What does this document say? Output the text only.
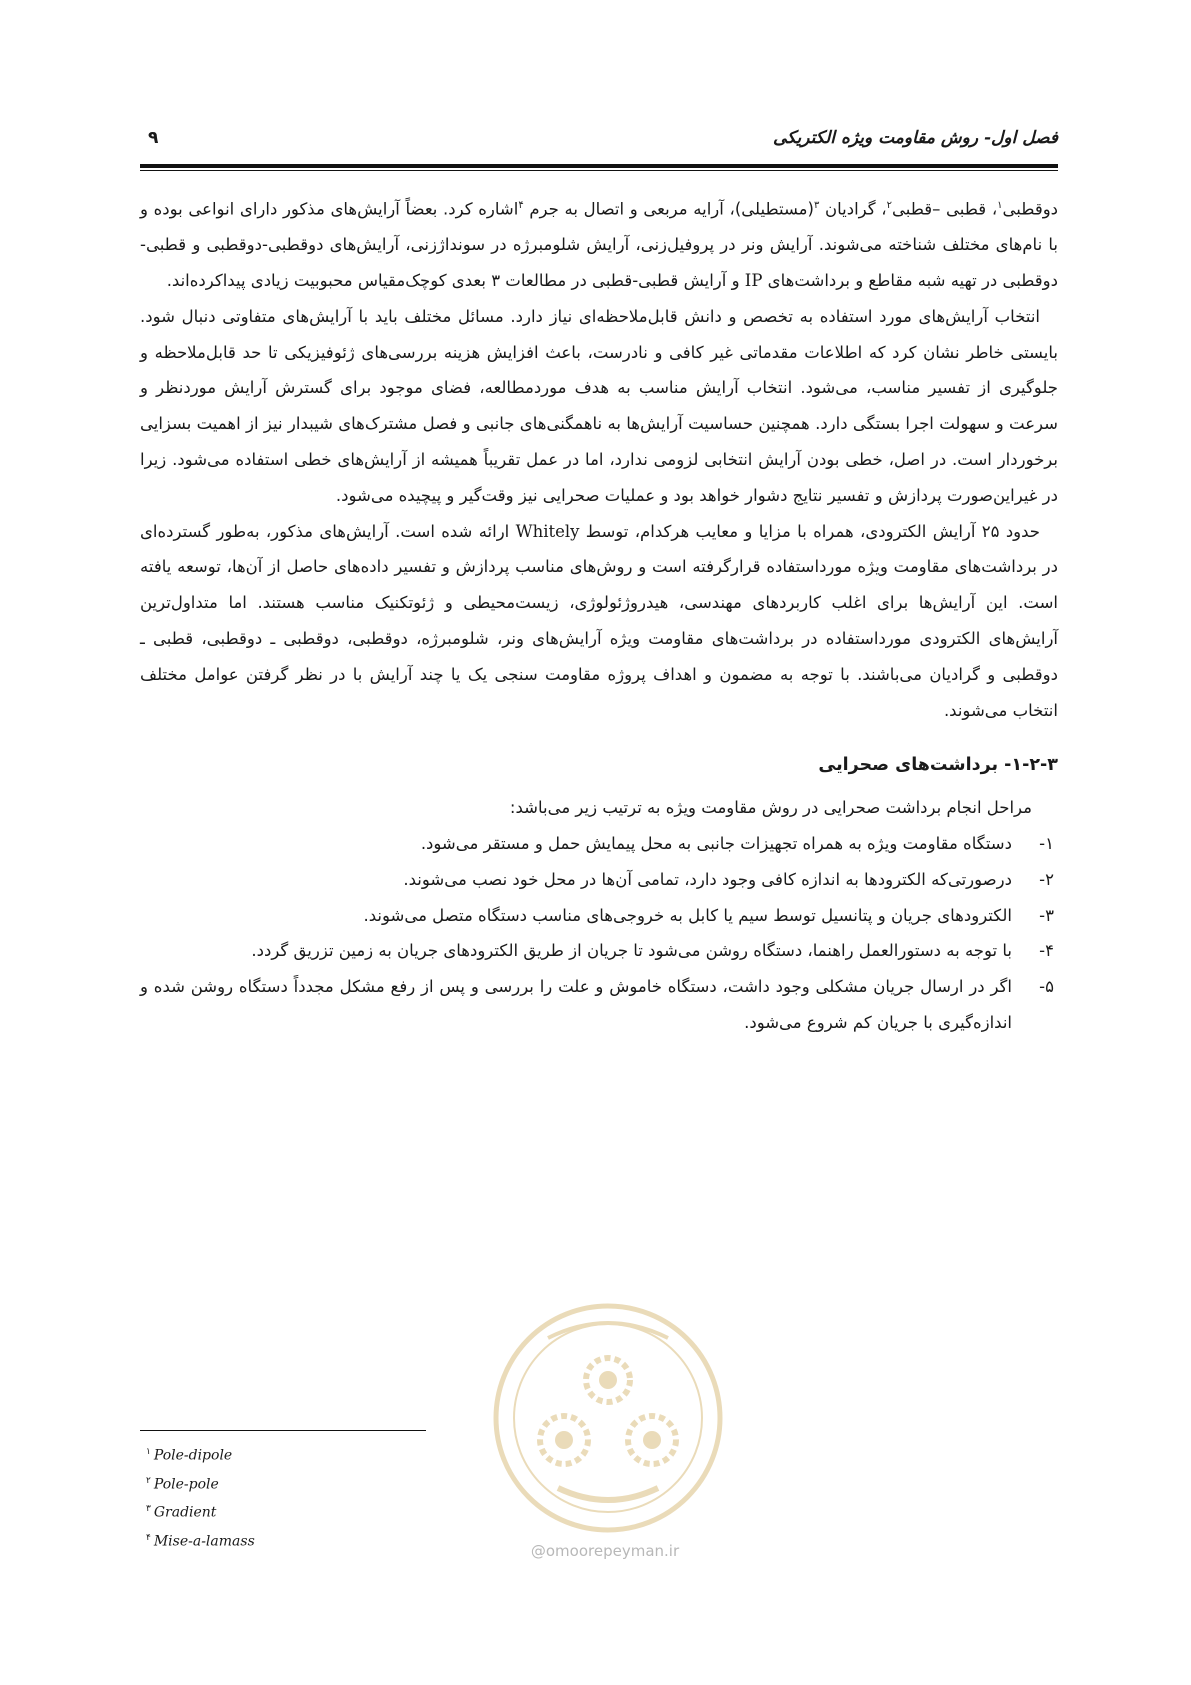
فصل اول- روش مقاومت ویژه الکتریکی
۹

دوقطبی$^۱$، قطبی –قطبی$^۲$، گرادیان $^۳$(مستطیلی)، آرایه مربعی و اتصال به جرم $^۴$اشاره کرد. بعضاً آرایش‌های مذکور دارای انواعی بوده و با نام‌های مختلف شناخته می‌شوند. آرایش ونر در پروفیل‌زنی، آرایش شلومبرژه در سونداژزنی، آرایش‌های دوقطبی-دوقطبی و قطبی-دوقطبی در تهیه شبه مقاطع و برداشت‌های IP و آرایش قطبی-قطبی در مطالعات ۳ بعدی کوچک‌مقیاس محبوبیت زیادی پیداکرده‌اند.

انتخاب آرایش‌های مورد استفاده به تخصص و دانش قابل‌ملاحظه‌ای نیاز دارد. مسائل مختلف باید با آرایش‌های متفاوتی دنبال شود. بایستی خاطر نشان کرد که اطلاعات مقدماتی غیر کافی و نادرست، باعث افزایش هزینه بررسی‌های ژئوفیزیکی تا حد قابل‌ملاحظه و جلوگیری از تفسیر مناسب، می‌شود. انتخاب آرایش مناسب به هدف موردمطالعه، فضای موجود برای گسترش آرایش موردنظر و سرعت و سهولت اجرا بستگی دارد. همچنین حساسیت آرایش‌ها به ناهمگنی‌های جانبی و فصل مشترک‌های شیبدار نیز از اهمیت بسزایی برخوردار است. در اصل، خطی بودن آرایش انتخابی لزومی ندارد، اما در عمل تقریباً همیشه از آرایش‌های خطی استفاده می‌شود. زیرا در غیراین‌صورت پردازش و تفسیر نتایج دشوار خواهد بود و عملیات صحرایی نیز وقت‌گیر و پیچیده می‌شود.

حدود ۲۵ آرایش الکترودی، همراه با مزایا و معایب هرکدام، توسط Whitely ارائه شده است. آرایش‌های مذکور، به‌طور گسترده‌ای در برداشت‌های مقاومت ویژه مورداستفاده قرارگرفته است و روش‌های مناسب پردازش و تفسیر داده‌های حاصل از آن‌ها، توسعه یافته است. این آرایش‌ها برای اغلب کاربردهای مهندسی، هیدروژئولوژی، زیست‌محیطی و ژئوتکنیک مناسب هستند. اما متداول‌ترین آرایش‌های الکترودی مورداستفاده در برداشت‌های مقاومت ویژه آرایش‌های ونر، شلومبرژه، دوقطبی، دوقطبی ـ دوقطبی، قطبی ـ دوقطبی و گرادیان می‌باشند. با توجه به مضمون و اهداف پروژه مقاومت سنجی یک یا چند آرایش با در نظر گرفتن عوامل مختلف انتخاب می‌شوند.

۱-۲-۳- برداشت‌های صحرایی

مراحل انجام برداشت صحرایی در روش مقاومت ویژه به ترتیب زیر می‌باشد:

۱-
دستگاه مقاومت ویژه به همراه تجهیزات جانبی به محل پیمایش حمل و مستقر می‌شود.
۲-
درصورتی‌که الکترودها به اندازه کافی وجود دارد، تمامی آن‌ها در محل خود نصب می‌شوند.
۳-
الکترودهای جریان و پتانسیل توسط سیم یا کابل به خروجی‌های مناسب دستگاه متصل می‌شوند.
۴-
با توجه به دستورالعمل راهنما، دستگاه روشن می‌شود تا جریان از طریق الکترودهای جریان به زمین تزریق گردد.
۵-
اگر در ارسال جریان مشکلی وجود داشت، دستگاه خاموش و علت را بررسی و پس از رفع مشکل مجدداً دستگاه روشن شده و اندازه‌گیری با جریان کم شروع می‌شود.
@omoorepeyman.ir
$^۱$ Pole-dipole
$^۲$ Pole-pole
$^۳$ Gradient
$^۴$ Mise-a-lamass
